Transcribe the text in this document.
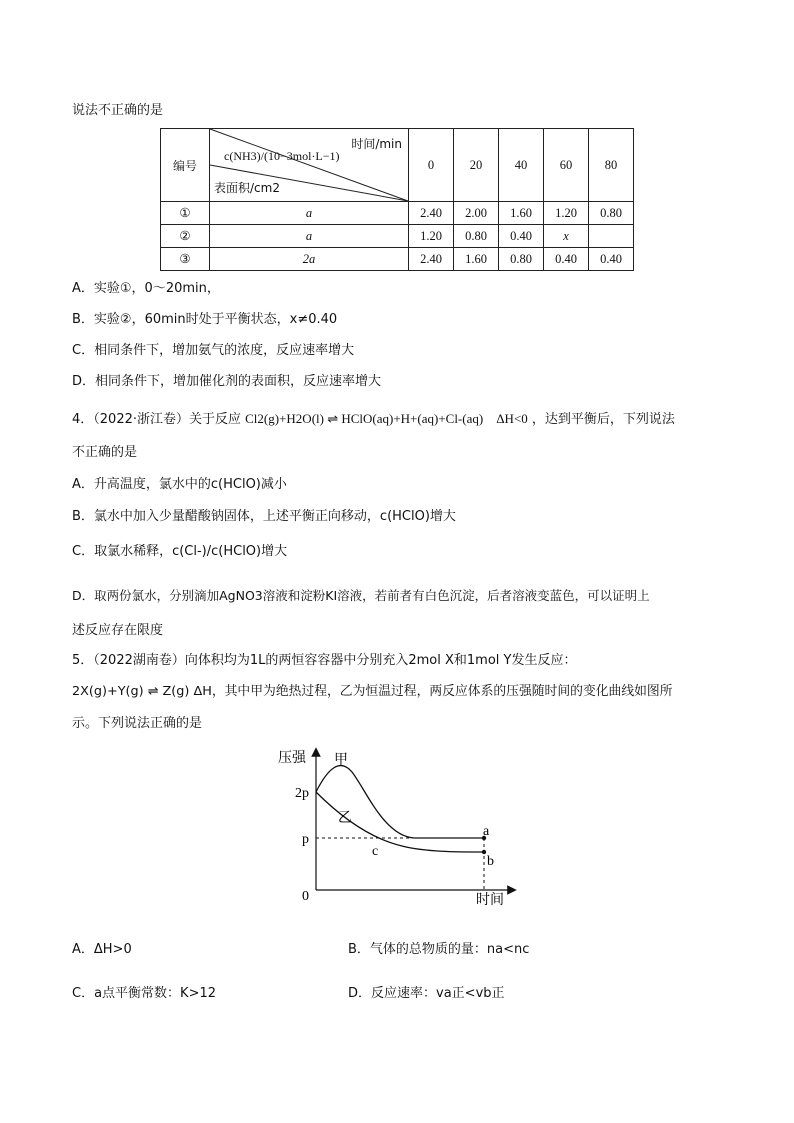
说法不正确的是
编号	时间/min
c(NH3)/(10−3mol·L−1)
表面积/cm2	0	20	40	60	80
①	a	2.40	2.00	1.60	1.20	0.80
②	a	1.20	0.80	0.40	x	
③	2a	2.40	1.60	0.80	0.40	0.40
A．实验①，0～20min，
B．实验②，60min时处于平衡状态，x≠0.40
C．相同条件下，增加氨气的浓度，反应速率增大
D．相同条件下，增加催化剂的表面积，反应速率增大
4．（2022·浙江卷）关于反应 Cl2(g)+H2O(l) ⇌ HClO(aq)+H+(aq)+Cl-(aq)　ΔH<0 ，达到平衡后，下列说法
不正确的是
A．升高温度，氯水中的c(HClO)减小
B．氯水中加入少量醋酸钠固体，上述平衡正向移动，c(HClO)增大
C．取氯水稀释，c(Cl-)/c(HClO)增大
D．取两份氯水，分别滴加AgNO3溶液和淀粉KI溶液，若前者有白色沉淀，后者溶液变蓝色，可以证明上
述反应存在限度
5．（2022湖南卷）向体积均为1L的两恒容容器中分别充入2mol X和1mol Y发生反应：
2X(g)+Y(g) ⇌ Z(g) ΔH，其中甲为绝热过程，乙为恒温过程，两反应体系的压强随时间的变化曲线如图所
示。下列说法正确的是
压强
时间
甲
乙
2p
p
0
a
b
c
A．ΔH>0	B．气体的总物质的量：na<nc
C．a点平衡常数：K>12	D．反应速率：va正<vb正
